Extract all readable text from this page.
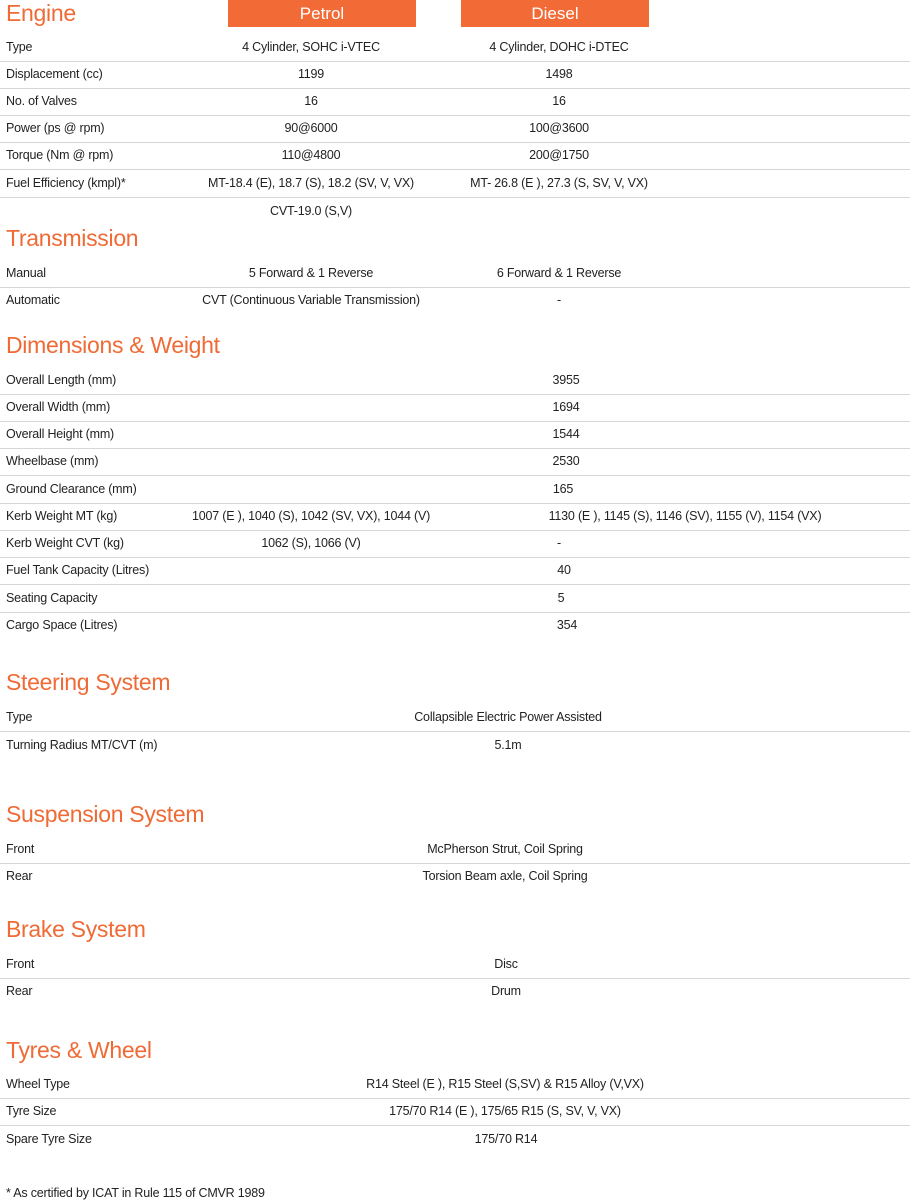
Engine	Petrol	Diesel
Type	4 Cylinder, SOHC i-VTEC	4 Cylinder, DOHC i-DTEC
Displacement (cc)	1199	1498
No. of Valves	16	16
Power (ps @ rpm)	90@6000	100@3600
Torque (Nm @ rpm)	110@4800	200@1750
Fuel Efficiency (kmpl)*	MT-18.4 (E), 18.7 (S), 18.2 (SV, V, VX)	MT- 26.8 (E ), 27.3 (S, SV, V, VX)
CVT-19.0 (S,V)
Transmission
Manual	5 Forward & 1 Reverse	6 Forward & 1 Reverse
Automatic	CVT (Continuous Variable Transmission)	-
Dimensions & Weight
Overall Length (mm)	3955
Overall Width (mm)	1694
Overall Height (mm)	1544
Wheelbase (mm)	2530
Ground Clearance (mm)	165
Kerb Weight MT (kg)	1007 (E ), 1040 (S), 1042 (SV, VX), 1044 (V)	1130 (E ), 1145 (S), 1146 (SV), 1155 (V), 1154 (VX)
Kerb Weight CVT (kg)	1062 (S), 1066 (V)	-
Fuel Tank Capacity (Litres)	40
Seating Capacity	5
Cargo Space (Litres)	354
Steering System
Type	Collapsible Electric Power Assisted
Turning Radius MT/CVT (m)	5.1m
Suspension System
Front	McPherson Strut, Coil Spring
Rear	Torsion Beam axle, Coil Spring
Brake System
Front	Disc
Rear	Drum
Tyres & Wheel
Wheel Type	R14 Steel (E ), R15 Steel (S,SV) & R15 Alloy (V,VX)
Tyre Size	175/70 R14 (E ), 175/65 R15 (S, SV, V, VX)
Spare Tyre Size	175/70 R14
* As certified by ICAT in Rule 115 of CMVR 1989
